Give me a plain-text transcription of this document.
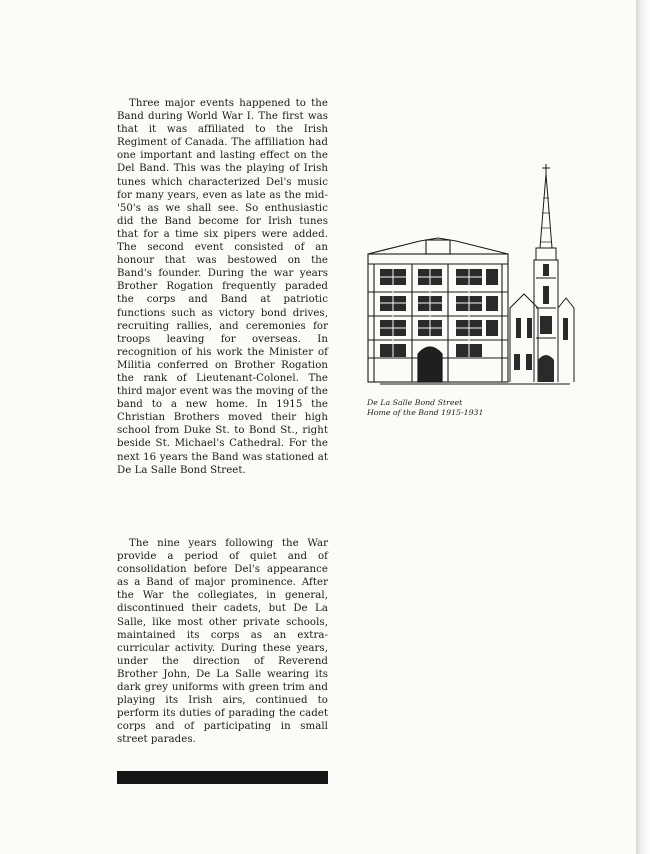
Three major events happened to the Band during World War I. The first was that it was affiliated to the Irish Regiment of Canada. The affiliation had one important and lasting effect on the Del Band. This was the playing of Irish tunes which characterized Del's music for many years, even as late as the mid-'50's as we shall see. So enthusiastic did the Band become for Irish tunes that for a time six pipers were added. The second event consisted of an honour that was bestowed on the Band's founder. During the war years Brother Rogation frequently paraded the corps and Band at patriotic functions such as victory bond drives, recruiting rallies, and ceremonies for troops leaving for overseas. In recognition of his work the Minister of Militia conferred on Brother Rogation the rank of Lieutenant-Colonel. The third major event was the moving of the band to a new home. In 1915 the Christian Brothers moved their high school from Duke St. to Bond St., right beside St. Michael's Cathedral. For the next 16 years the Band was stationed at De La Salle Bond Street.

The nine years following the War provide a period of quiet and of consolidation before Del's appearance as a Band of major prominence. After the War the collegiates, in general, discontinued their cadets, but De La Salle, like most other private schools, maintained its corps as an extra-curricular activity. During these years, under the direction of Reverend Brother John, De La Salle wearing its dark grey uniforms with green trim and playing its Irish airs, continued to perform its duties of parading the cadet corps and of participating in small street parades.

De La Salle Bond Street
Home of the Band 1915-1931
